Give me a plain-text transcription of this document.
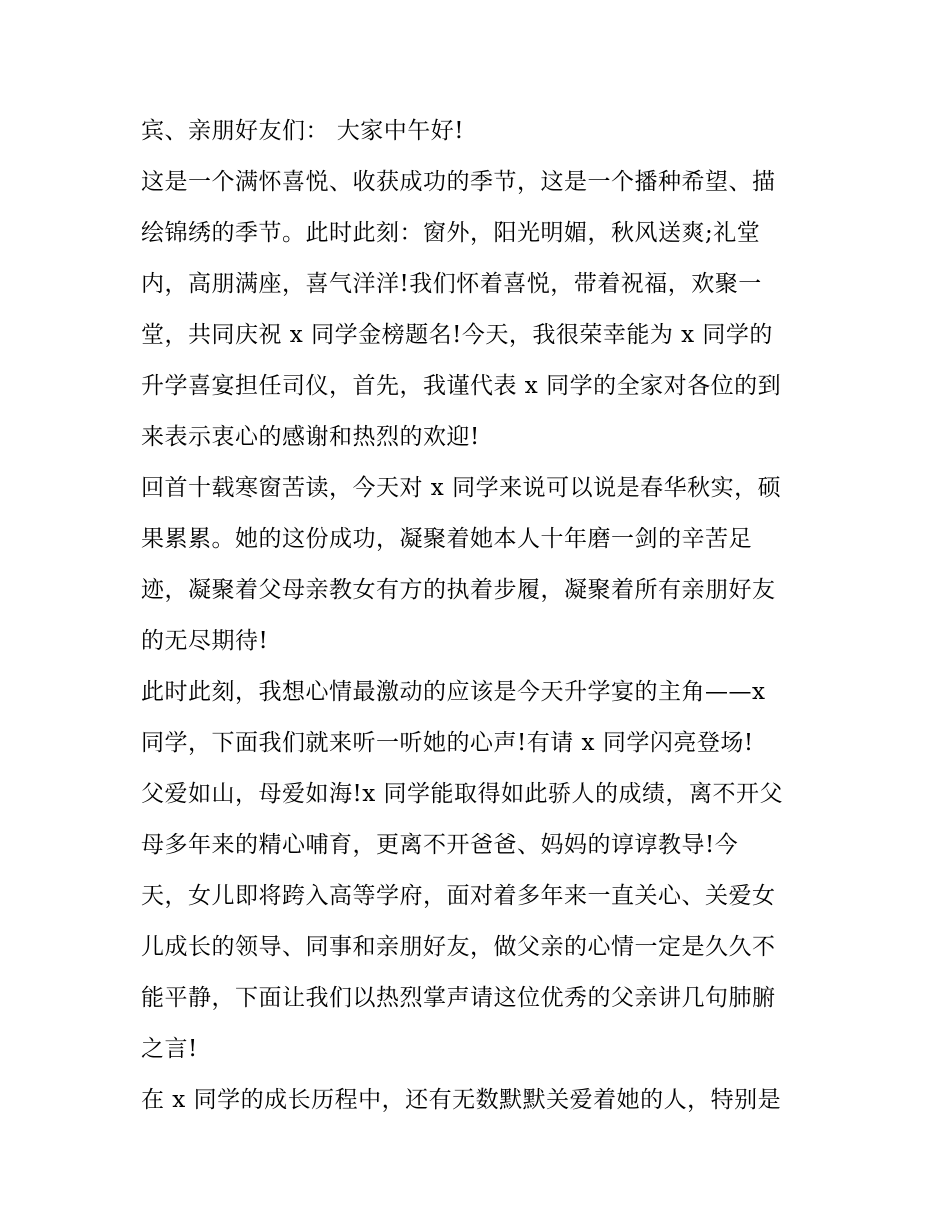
宾、亲朋好友们： 大家中午好!
这是一个满怀喜悦、收获成功的季节，这是一个播种希望、描
绘锦绣的季节。此时此刻：窗外，阳光明媚，秋风送爽;礼堂
内，高朋满座，喜气洋洋!我们怀着喜悦，带着祝福，欢聚一
堂，共同庆祝 x 同学金榜题名!今天，我很荣幸能为 x 同学的
升学喜宴担任司仪，首先，我谨代表 x 同学的全家对各位的到
来表示衷心的感谢和热烈的欢迎!
回首十载寒窗苦读，今天对 x 同学来说可以说是春华秋实，硕
果累累。她的这份成功，凝聚着她本人十年磨一剑的辛苦足
迹，凝聚着父母亲教女有方的执着步履，凝聚着所有亲朋好友
的无尽期待!
此时此刻，我想心情最激动的应该是今天升学宴的主角——x
同学，下面我们就来听一听她的心声!有请 x 同学闪亮登场!
父爱如山，母爱如海!x 同学能取得如此骄人的成绩，离不开父
母多年来的精心哺育，更离不开爸爸、妈妈的谆谆教导!今
天，女儿即将跨入高等学府，面对着多年来一直关心、关爱女
儿成长的领导、同事和亲朋好友，做父亲的心情一定是久久不
能平静，下面让我们以热烈掌声请这位优秀的父亲讲几句肺腑
之言!
在 x 同学的成长历程中，还有无数默默关爱着她的人，特别是
